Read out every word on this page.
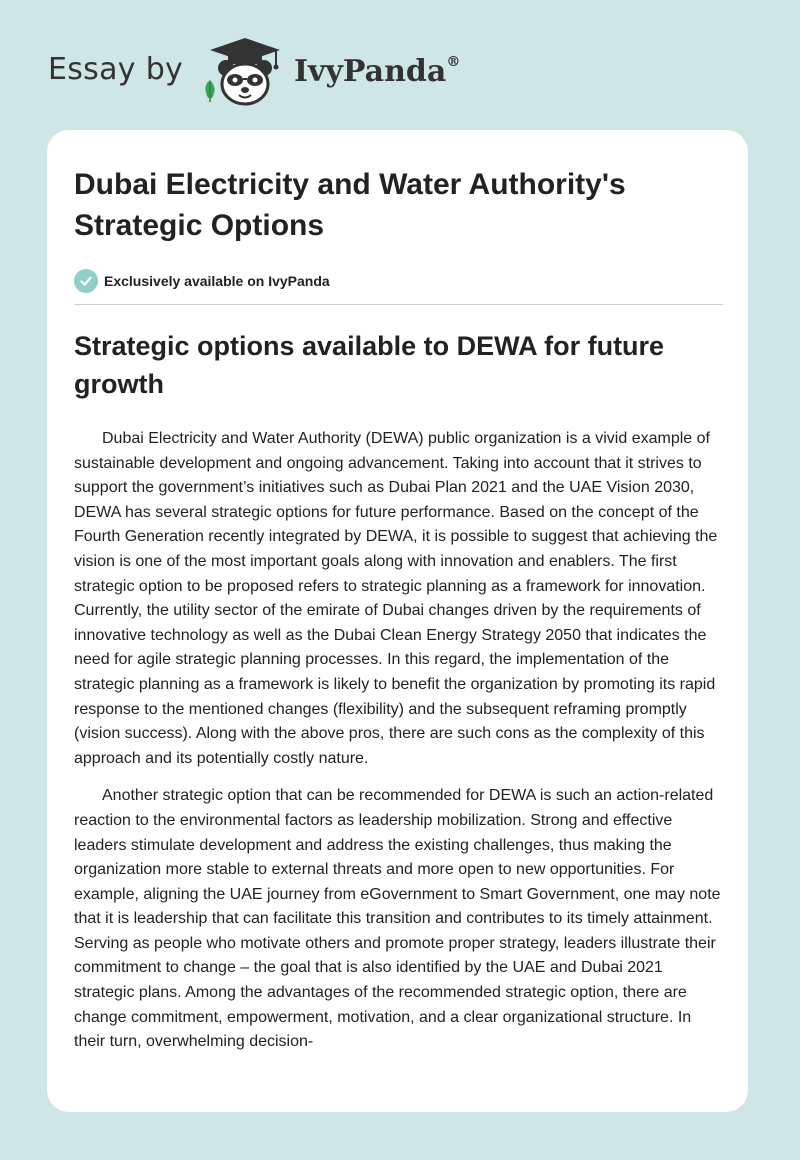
Essay by	IvyPanda®
Dubai Electricity and Water Authority's Strategic Options
Exclusively available on IvyPanda
Strategic options available to DEWA for future growth

Dubai Electricity and Water Authority (DEWA) public organization is a vivid example of sustainable development and ongoing advancement. Taking into account that it strives to support the government’s initiatives such as Dubai Plan 2021 and the UAE Vision 2030, DEWA has several strategic options for future performance. Based on the concept of the Fourth Generation recently integrated by DEWA, it is possible to suggest that achieving the vision is one of the most important goals along with innovation and enablers. The first strategic option to be proposed refers to strategic planning as a framework for innovation. Currently, the utility sector of the emirate of Dubai changes driven by the requirements of innovative technology as well as the Dubai Clean Energy Strategy 2050 that indicates the need for agile strategic planning processes. In this regard, the implementation of the strategic planning as a framework is likely to benefit the organization by promoting its rapid response to the mentioned changes (flexibility) and the subsequent reframing promptly (vision success). Along with the above pros, there are such cons as the complexity of this approach and its potentially costly nature.

Another strategic option that can be recommended for DEWA is such an action-related reaction to the environmental factors as leadership mobilization. Strong and effective leaders stimulate development and address the existing challenges, thus making the organization more stable to external threats and more open to new opportunities. For example, aligning the UAE journey from eGovernment to Smart Government, one may note that it is leadership that can facilitate this transition and contributes to its timely attainment. Serving as people who motivate others and promote proper strategy, leaders illustrate their commitment to change – the goal that is also identified by the UAE and Dubai 2021 strategic plans. Among the advantages of the recommended strategic option, there are change commitment, empowerment, motivation, and a clear organizational structure. In their turn, overwhelming decision-
